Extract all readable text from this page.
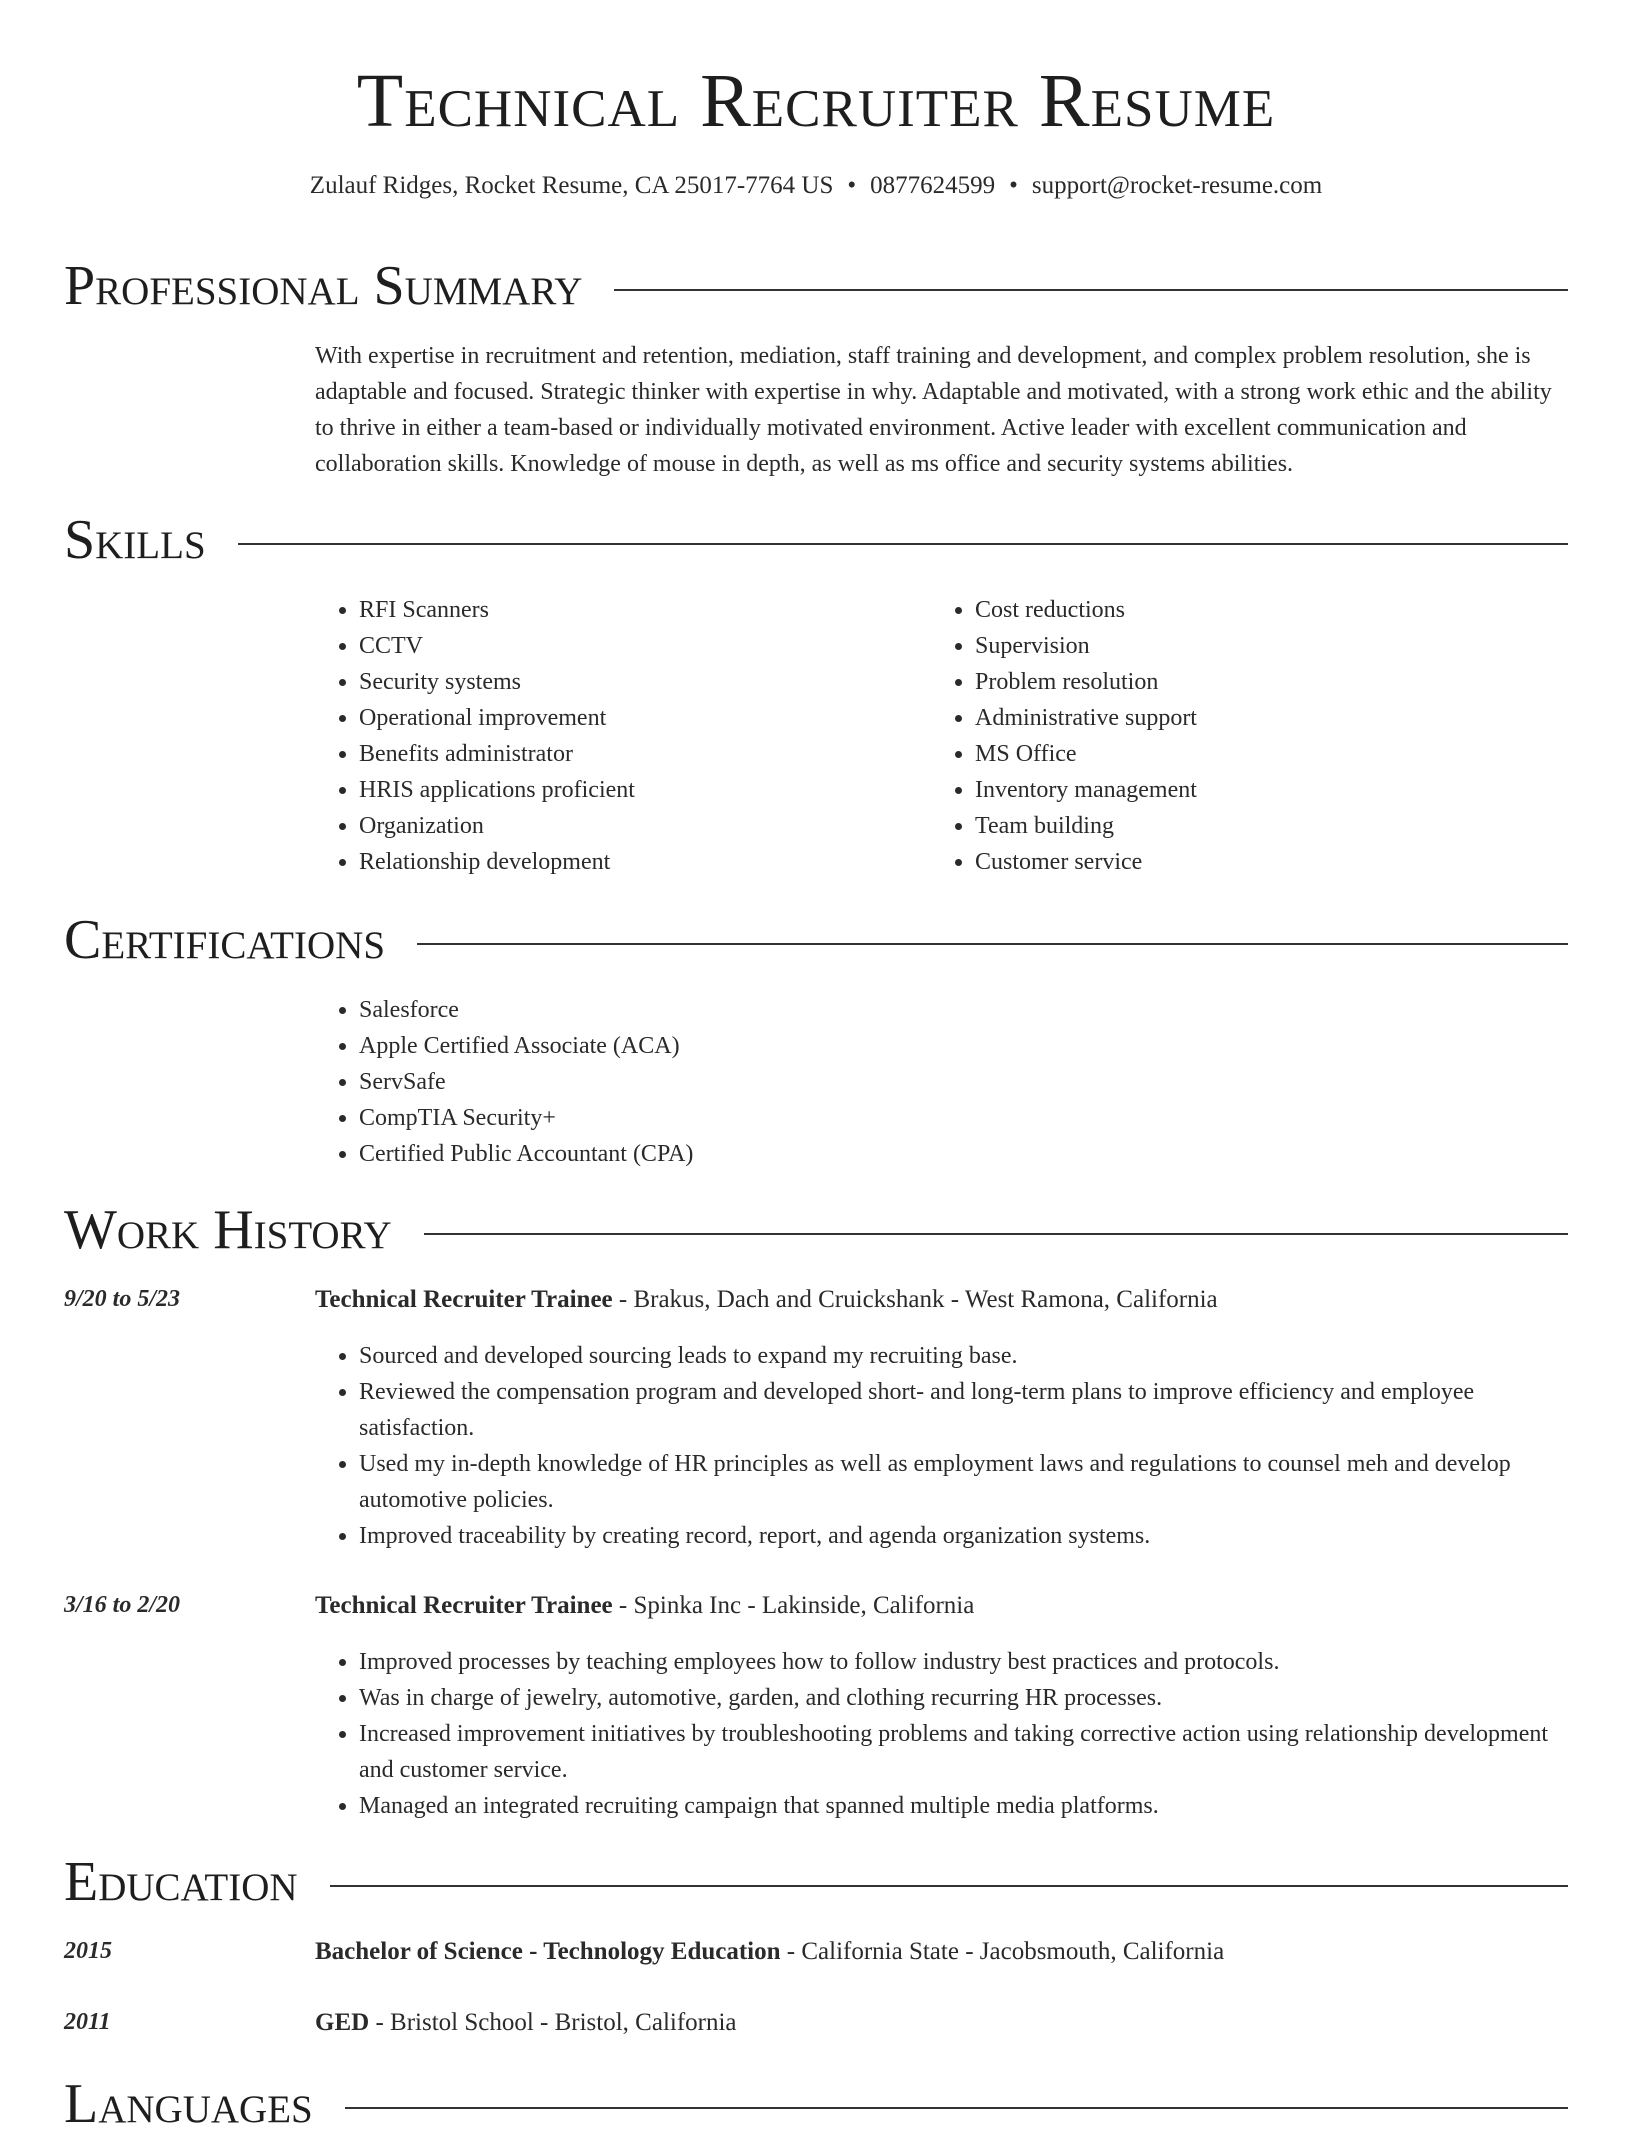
Technical Recruiter Resume
Zulauf Ridges, Rocket Resume, CA 25017-7764 US • 0877624599 • support@rocket-resume.com
Professional Summary

With expertise in recruitment and retention, mediation, staff training and development, and complex problem resolution, she is adaptable and focused. Strategic thinker with expertise in why. Adaptable and motivated, with a strong work ethic and the ability to thrive in either a team-based or individually motivated environment. Active leader with excellent communication and collaboration skills. Knowledge of mouse in depth, as well as ms office and security systems abilities.

Skills
• RFI Scanners
• CCTV
• Security systems
• Operational improvement
• Benefits administrator
• HRIS applications proficient
• Organization
• Relationship development
• Cost reductions
• Supervision
• Problem resolution
• Administrative support
• MS Office
• Inventory management
• Team building
• Customer service
Certifications
• Salesforce
• Apple Certified Associate (ACA)
• ServSafe
• CompTIA Security+
• Certified Public Accountant (CPA)
Work History
9/20 to 5/23	Technical Recruiter Trainee - Brakus, Dach and Cruickshank - West Ramona, California
• Sourced and developed sourcing leads to expand my recruiting base.
• Reviewed the compensation program and developed short- and long-term plans to improve efficiency and employee satisfaction.
• Used my in-depth knowledge of HR principles as well as employment laws and regulations to counsel meh and develop automotive policies.
• Improved traceability by creating record, report, and agenda organization systems.
3/16 to 2/20	Technical Recruiter Trainee - Spinka Inc - Lakinside, California
• Improved processes by teaching employees how to follow industry best practices and protocols.
• Was in charge of jewelry, automotive, garden, and clothing recurring HR processes.
• Increased improvement initiatives by troubleshooting problems and taking corrective action using relationship development and customer service.
• Managed an integrated recruiting campaign that spanned multiple media platforms.
Education
2015	Bachelor of Science - Technology Education - California State - Jacobsmouth, California
2011	GED - Bristol School - Bristol, California
Languages
